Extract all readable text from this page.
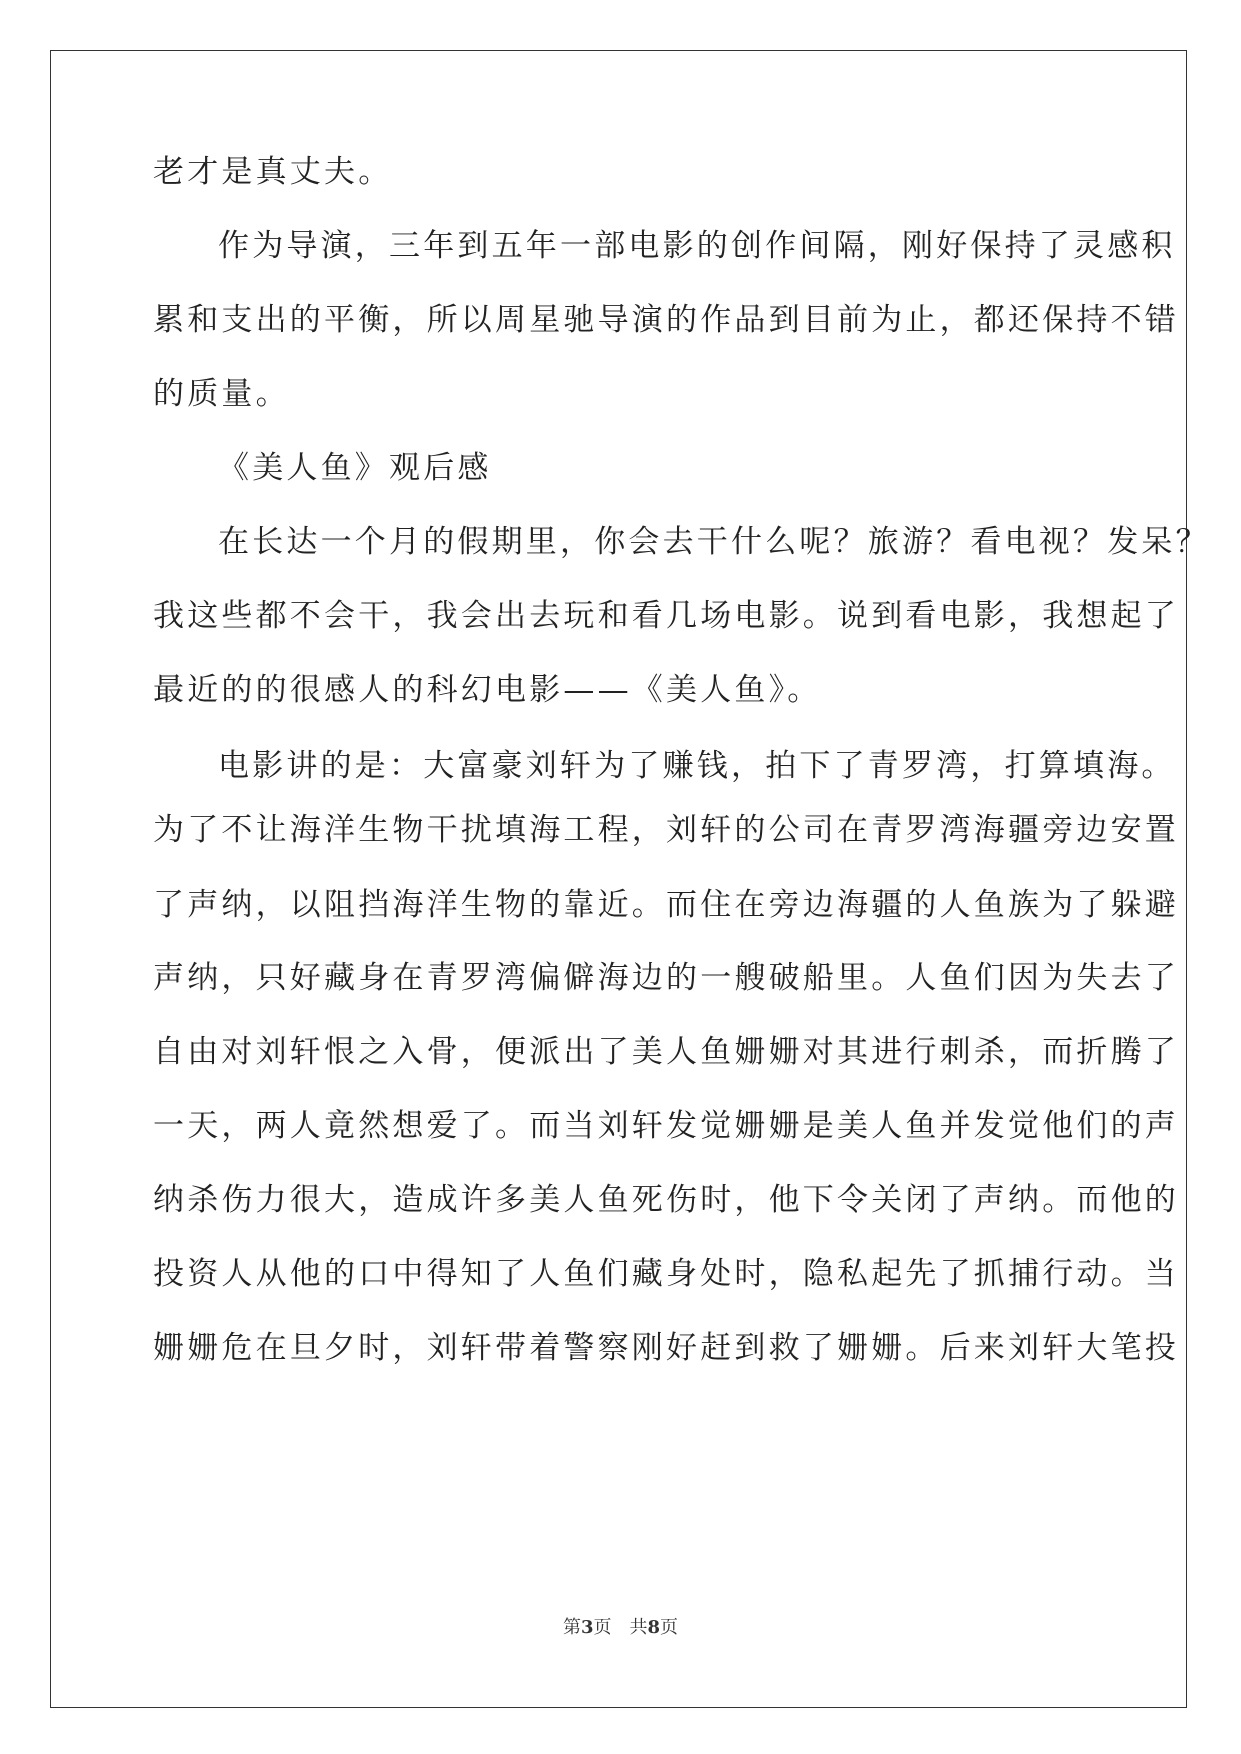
老才是真丈夫。
作为导演，三年到五年一部电影的创作间隔，刚好保持了灵感积
累和支出的平衡，所以周星驰导演的作品到目前为止，都还保持不错
的质量。
《美人鱼》观后感
在长达一个月的假期里，你会去干什么呢？旅游？看电视？发呆？
我这些都不会干，我会出去玩和看几场电影。说到看电影，我想起了
最近的的很感人的科幻电影——《美人鱼》。
电影讲的是：大富豪刘轩为了赚钱，拍下了青罗湾，打算填海。
为了不让海洋生物干扰填海工程，刘轩的公司在青罗湾海疆旁边安置
了声纳，以阻挡海洋生物的靠近。而住在旁边海疆的人鱼族为了躲避
声纳，只好藏身在青罗湾偏僻海边的一艘破船里。人鱼们因为失去了
自由对刘轩恨之入骨，便派出了美人鱼姗姗对其进行刺杀，而折腾了
一天，两人竟然想爱了。而当刘轩发觉姗姗是美人鱼并发觉他们的声
纳杀伤力很大，造成许多美人鱼死伤时，他下令关闭了声纳。而他的
投资人从他的口中得知了人鱼们藏身处时，隐私起先了抓捕行动。当
姗姗危在旦夕时，刘轩带着警察刚好赶到救了姗姗。后来刘轩大笔投
第3页　共8页
